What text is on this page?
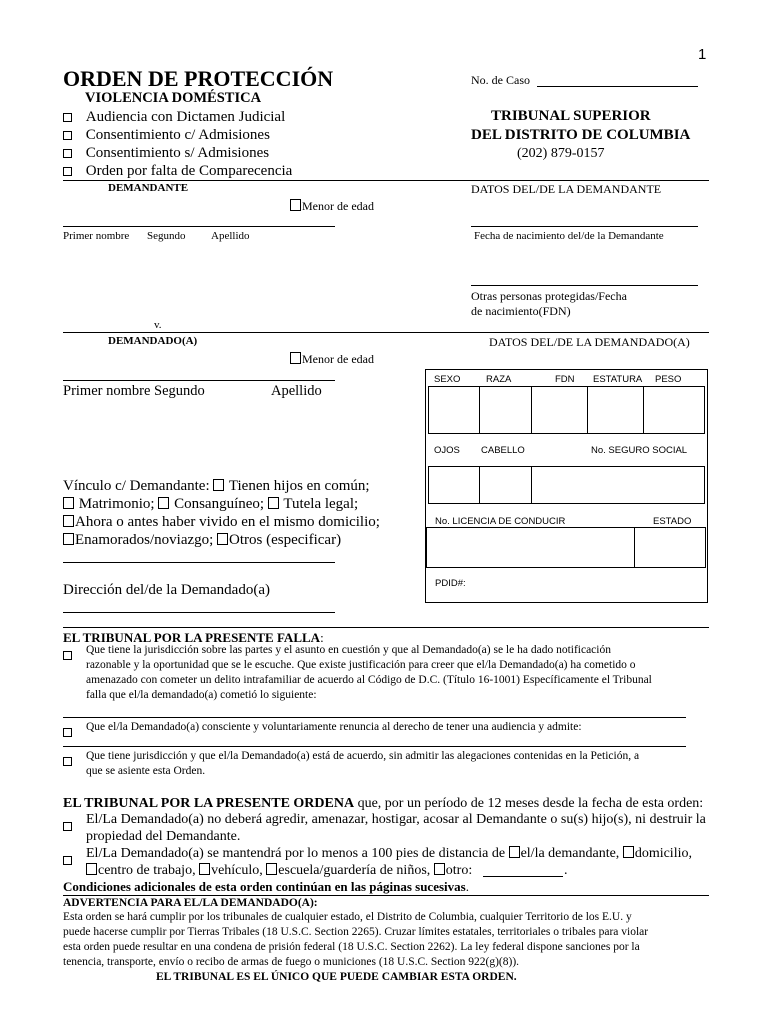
1
ORDEN DE PROTECCIÓN
VIOLENCIA DOMÉSTICA
Audiencia con Dictamen Judicial
Consentimiento c/ Admisiones
Consentimiento s/ Admisiones
Orden por falta de Comparecencia
No. de Caso
TRIBUNAL SUPERIOR
DEL DISTRITO DE COLUMBIA
(202) 879-0157
DEMANDANTE
Menor de edad
Primer nombre Segundo Apellido
DATOS DEL/DE LA DEMANDANTE
Fecha de nacimiento del/de la Demandante
Otras personas protegidas/Fecha
de nacimiento(FDN)
v.
DEMANDADO(A)
Menor de edad
Primer nombre Segundo	Apellido
DATOS DEL/DE LA DEMANDADO(A)
SEXO	RAZA	FDN ESTATURA PESO
OJOS CABELLO	No. SEGURO SOCIAL
No. LICENCIA DE CONDUCIR	ESTADO
PDID#:
Vínculo c/ Demandante: Tienen hijos en común;
Matrimonio; Consanguíneo; Tutela legal;
Ahora o antes haber vivido en el mismo domicilio;
Enamorados/noviazgo; Otros (especificar)
Dirección del/de la Demandado(a)
EL TRIBUNAL POR LA PRESENTE FALLA:
Que tiene la jurisdicción sobre las partes y el asunto en cuestión y que al Demandado(a) se le ha dado notificación
razonable y la oportunidad que se le escuche. Que existe justificación para creer que el/la Demandado(a) ha cometido o
amenazado con cometer un delito intrafamiliar de acuerdo al Código de D.C. (Título 16-1001) Específicamente el Tribunal
falla que el/la demandado(a) cometió lo siguiente:
Que el/la Demandado(a) consciente y voluntariamente renuncia al derecho de tener una audiencia y admite:
Que tiene jurisdicción y que el/la Demandado(a) está de acuerdo, sin admitir las alegaciones contenidas en la Petición, a
que se asiente esta Orden.
EL TRIBUNAL POR LA PRESENTE ORDENA que, por un período de 12 meses desde la fecha de esta orden:
El/La Demandado(a) no deberá agredir, amenazar, hostigar, acosar al Demandante o su(s) hijo(s), ni destruir la
propiedad del Demandante.
El/La Demandado(a) se mantendrá por lo menos a 100 pies de distancia de el/la demandante, domicilio,
centro de trabajo, vehículo, escuela/guardería de niños, otro:	.
Condiciones adicionales de esta orden continúan en las páginas sucesivas.
ADVERTENCIA PARA EL/LA DEMANDADO(A):
Esta orden se hará cumplir por los tribunales de cualquier estado, el Distrito de Columbia, cualquier Territorio de los E.U. y
puede hacerse cumplir por Tierras Tribales (18 U.S.C. Section 2265). Cruzar límites estatales, territoriales o tribales para violar
esta orden puede resultar en una condena de prisión federal (18 U.S.C. Section 2262). La ley federal dispone sanciones por la
tenencia, transporte, envío o recibo de armas de fuego o municiones (18 U.S.C. Section 922(g)(8)).
EL TRIBUNAL ES EL ÚNICO QUE PUEDE CAMBIAR ESTA ORDEN.
